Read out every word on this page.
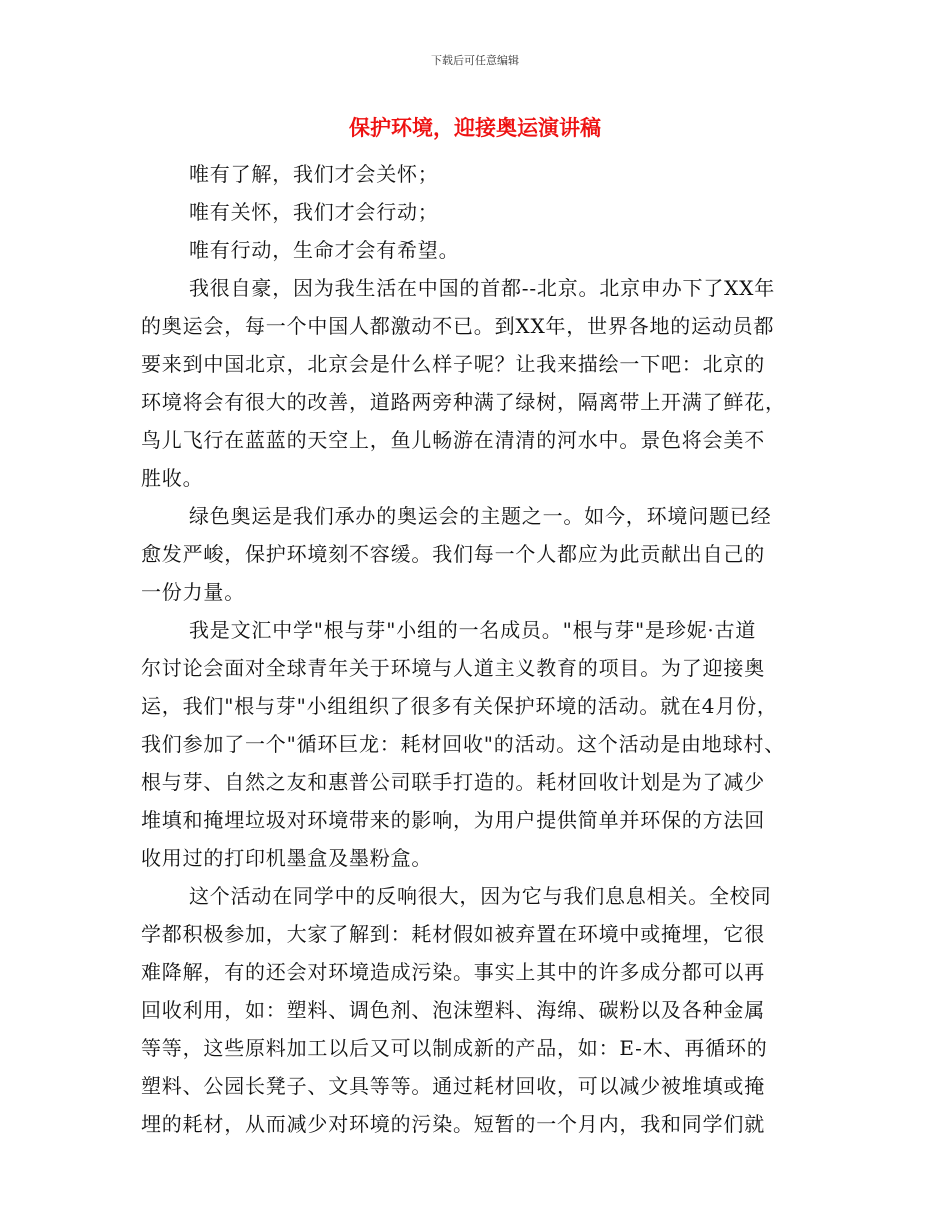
下载后可任意编辑
保护环境，迎接奥运演讲稿
唯有了解，我们才会关怀；
唯有关怀，我们才会行动；
唯有行动，生命才会有希望。
我很自豪，因为我生活在中国的首都--北京。北京申办下了XX年
的奥运会，每一个中国人都激动不已。到XX年，世界各地的运动员都
要来到中国北京，北京会是什么样子呢？让我来描绘一下吧：北京的
环境将会有很大的改善，道路两旁种满了绿树，隔离带上开满了鲜花，
鸟儿飞行在蓝蓝的天空上，鱼儿畅游在清清的河水中。景色将会美不
胜收。
绿色奥运是我们承办的奥运会的主题之一。如今，环境问题已经
愈发严峻，保护环境刻不容缓。我们每一个人都应为此贡献出自己的
一份力量。
我是文汇中学"根与芽"小组的一名成员。"根与芽"是珍妮·古道
尔讨论会面对全球青年关于环境与人道主义教育的项目。为了迎接奥
运，我们"根与芽"小组组织了很多有关保护环境的活动。就在4月份，
我们参加了一个"循环巨龙：耗材回收"的活动。这个活动是由地球村、
根与芽、自然之友和惠普公司联手打造的。耗材回收计划是为了减少
堆填和掩埋垃圾对环境带来的影响，为用户提供简单并环保的方法回
收用过的打印机墨盒及墨粉盒。
这个活动在同学中的反响很大，因为它与我们息息相关。全校同
学都积极参加，大家了解到：耗材假如被弃置在环境中或掩埋，它很
难降解，有的还会对环境造成污染。事实上其中的许多成分都可以再
回收利用，如：塑料、调色剂、泡沫塑料、海绵、碳粉以及各种金属
等等，这些原料加工以后又可以制成新的产品，如：E-木、再循环的
塑料、公园长凳子、文具等等。通过耗材回收，可以减少被堆填或掩
埋的耗材，从而减少对环境的污染。短暂的一个月内，我和同学们就
